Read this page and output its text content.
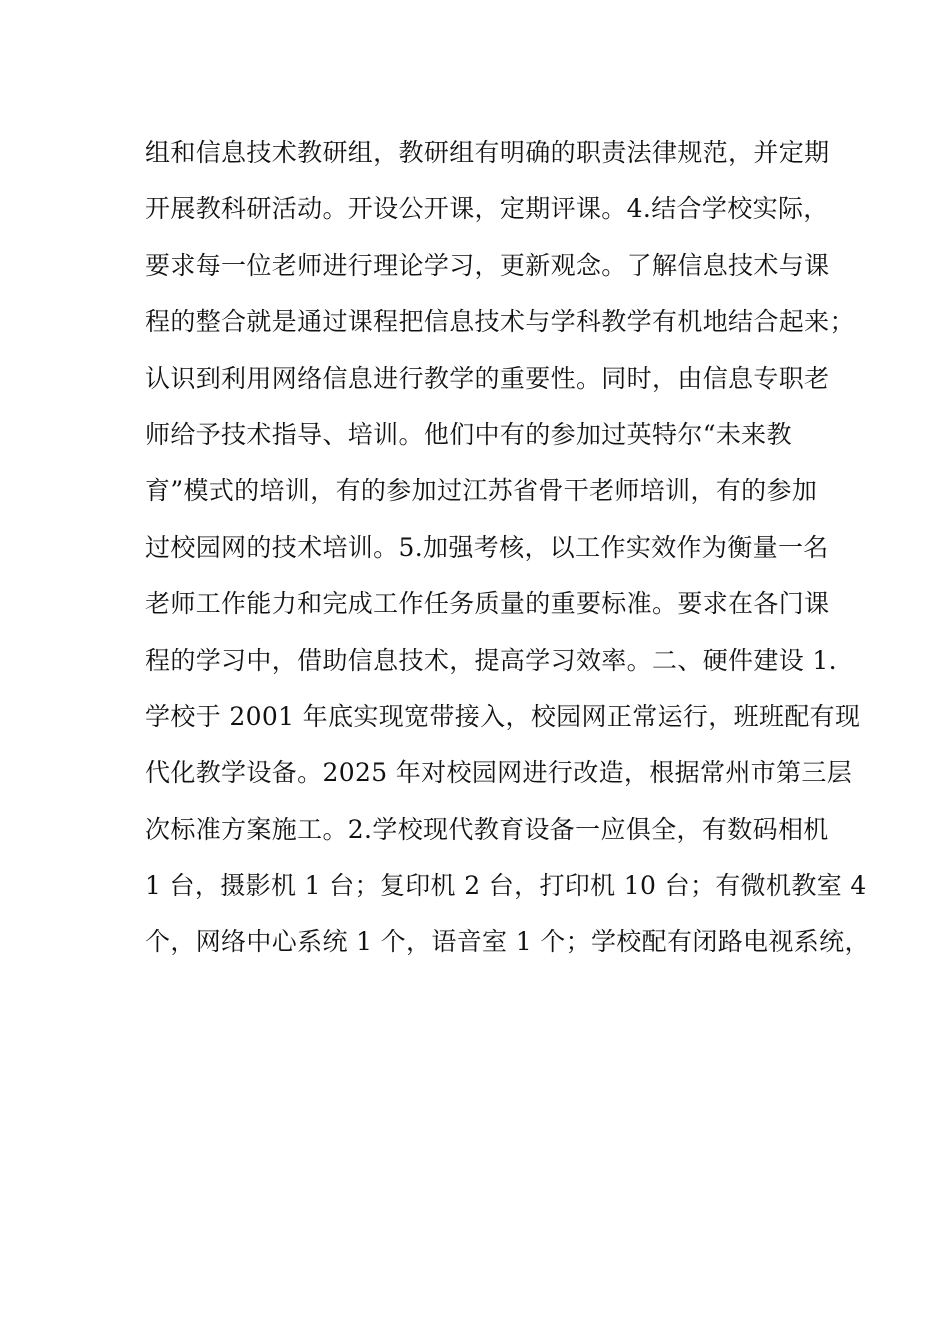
组和信息技术教研组，教研组有明确的职责法律规范，并定期
开展教科研活动。开设公开课，定期评课。4.结合学校实际，
要求每一位老师进行理论学习，更新观念。了解信息技术与课
程的整合就是通过课程把信息技术与学科教学有机地结合起来；
认识到利用网络信息进行教学的重要性。同时，由信息专职老
师给予技术指导、培训。他们中有的参加过英特尔“未来教
育”模式的培训，有的参加过江苏省骨干老师培训，有的参加
过校园网的技术培训。5.加强考核，以工作实效作为衡量一名
老师工作能力和完成工作任务质量的重要标准。要求在各门课
程的学习中，借助信息技术，提高学习效率。二、硬件建设 1.
学校于 2001 年底实现宽带接入，校园网正常运行，班班配有现
代化教学设备。2025 年对校园网进行改造，根据常州市第三层
次标准方案施工。2.学校现代教育设备一应俱全，有数码相机
1 台，摄影机 1 台；复印机 2 台，打印机 10 台；有微机教室 4
个，网络中心系统 1 个，语音室 1 个；学校配有闭路电视系统，
